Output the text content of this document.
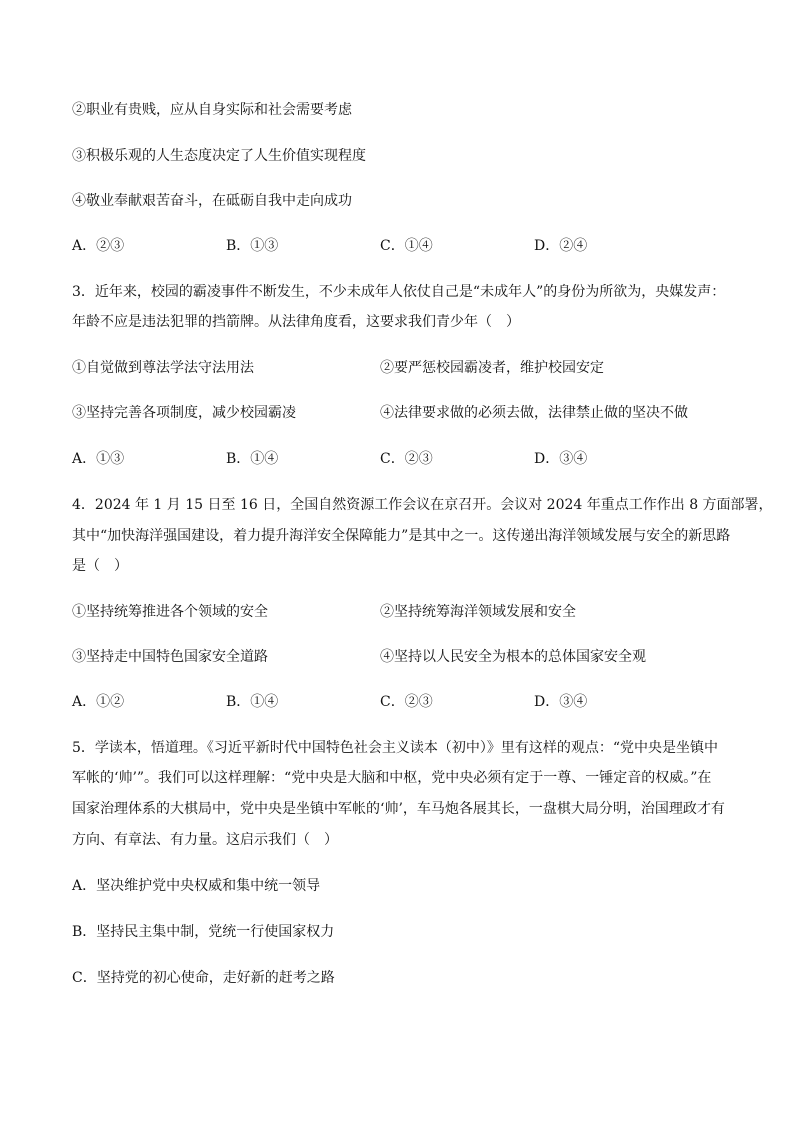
②职业有贵贱，应从自身实际和社会需要考虑
③积极乐观的人生态度决定了人生价值实现程度
④敬业奉献艰苦奋斗，在砥砺自我中走向成功
A．②③	B．①③	C．①④	D．②④
3．近年来，校园的霸凌事件不断发生，不少未成年人依仗自己是“未成年人”的身份为所欲为，央媒发声：
年龄不应是违法犯罪的挡箭牌。从法律角度看，这要求我们青少年（　）
①自觉做到尊法学法守法用法	②要严惩校园霸凌者，维护校园安定
③坚持完善各项制度，减少校园霸凌	④法律要求做的必须去做，法律禁止做的坚决不做
A．①③	B．①④	C．②③	D．③④
4．2024 年 1 月 15 日至 16 日，全国自然资源工作会议在京召开。会议对 2024 年重点工作作出 8 方面部署，
其中“加快海洋强国建设，着力提升海洋安全保障能力”是其中之一。这传递出海洋领域发展与安全的新思路
是（　）
①坚持统筹推进各个领域的安全	②坚持统筹海洋领域发展和安全
③坚持走中国特色国家安全道路	④坚持以人民安全为根本的总体国家安全观
A．①②	B．①④	C．②③	D．③④
5．学读本，悟道理。《习近平新时代中国特色社会主义读本（初中）》里有这样的观点：“党中央是坐镇中
军帐的‘帅’”。我们可以这样理解：“党中央是大脑和中枢，党中央必须有定于一尊、一锤定音的权威。”在
国家治理体系的大棋局中，党中央是坐镇中军帐的‘帅’，车马炮各展其长，一盘棋大局分明，治国理政才有
方向、有章法、有力量。这启示我们（　）
A．坚决维护党中央权威和集中统一领导
B．坚持民主集中制，党统一行使国家权力
C．坚持党的初心使命，走好新的赶考之路
